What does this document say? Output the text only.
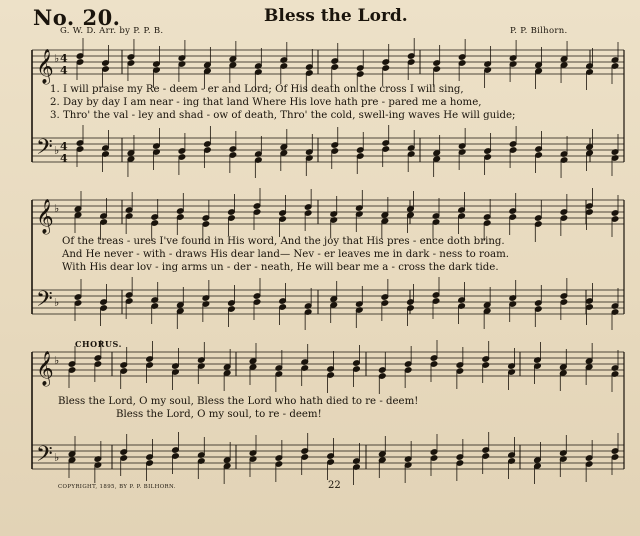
No. 20.	Bless the Lord.
G. W. D. Arr. by P. P. B.	P. P. Bilhorn.
𝄞
𝄢
𝄞
𝄢
𝄞
𝄢
♭
♭
♭
♭
♭
♭
4
4
4
4
1. I will praise my Re - deem - er and Lord; Of His death on the cross I will sing,
2. Day by day I am near - ing that land Where His love hath pre - pared me a home,
3. Thro' the val - ley and shad - ow of death, Thro' the cold, swell-ing waves He will guide;
Of the treas - ures I've found in His word, And the joy that His pres - ence doth bring.
And He never - with - draws His dear land— Nev - er leaves me in dark - ness to roam.
With His dear lov - ing arms un - der - neath, He will bear me a - cross the dark tide.
CHORUS.
Bless the Lord, O my soul, Bless the Lord who hath died to re - deem!
Bless the Lord, O my soul, to re - deem!
COPYRIGHT, 1895, BY P. P. BILHORN.	22
